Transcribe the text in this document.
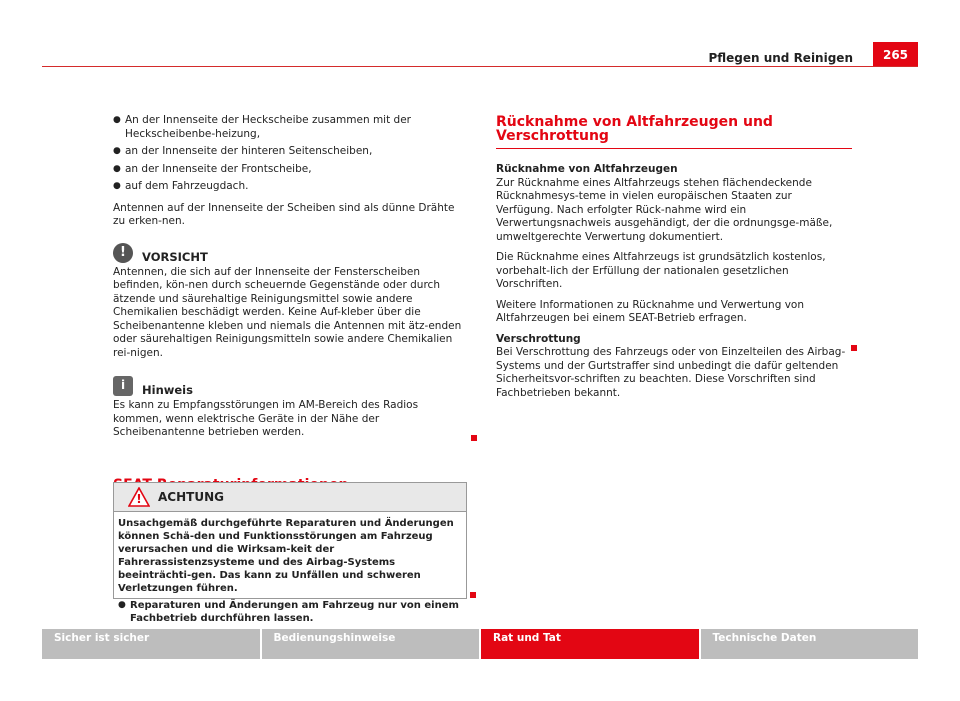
265
Pflegen und Reinigen
● An der Innenseite der Heckscheibe zusammen mit der Heckscheibenbe-heizung,
● an der Innenseite der hinteren Seitenscheiben,
● an der Innenseite der Frontscheibe,
● auf dem Fahrzeugdach.

Antennen auf der Innenseite der Scheiben sind als dünne Drähte zu erken-nen.

!	VORSICHT

Antennen, die sich auf der Innenseite der Fensterscheiben befinden, kön-nen durch scheuernde Gegenstände oder durch ätzende und säurehaltige Reinigungsmittel sowie andere Chemikalien beschädigt werden. Keine Auf-kleber über die Scheibenantenne kleben und niemals die Antennen mit ätz-enden oder säurehaltigen Reinigungsmitteln sowie andere Chemikalien rei-nigen.

i	Hinweis

Es kann zu Empfangsstörungen im AM-Bereich des Radios kommen, wenn elektrische Geräte in der Nähe der Scheibenantenne betrieben werden.

! ACHTUNG

Unsachgemäß durchgeführte Reparaturen und Änderungen können Schä-den und Funktionsstörungen am Fahrzeug verursachen und die Wirksam-keit der Fahrerassistenzsysteme und des Airbag-Systems beeinträchti-gen. Das kann zu Unfällen und schweren Verletzungen führen.

● Reparaturen und Änderungen am Fahrzeug nur von einem Fachbetrieb durchführen lassen.
Rücknahme von Altfahrzeugen und Verschrottung

Rücknahme von Altfahrzeugen

Zur Rücknahme eines Altfahrzeugs stehen flächendeckende Rücknahmesys-teme in vielen europäischen Staaten zur Verfügung. Nach erfolgter Rück-nahme wird ein Verwertungsnachweis ausgehändigt, der die ordnungsge-mäße, umweltgerechte Verwertung dokumentiert.

Die Rücknahme eines Altfahrzeugs ist grundsätzlich kostenlos, vorbehalt-lich der Erfüllung der nationalen gesetzlichen Vorschriften.

Weitere Informationen zu Rücknahme und Verwertung von Altfahrzeugen bei einem SEAT-Betrieb erfragen.

Verschrottung

Bei Verschrottung des Fahrzeugs oder von Einzelteilen des Airbag-Systems und der Gurtstraffer sind unbedingt die dafür geltenden Sicherheitsvor-schriften zu beachten. Diese Vorschriften sind Fachbetrieben bekannt.

Sicher ist sicher	Bedienungshinweise	Rat und Tat	Technische Daten
